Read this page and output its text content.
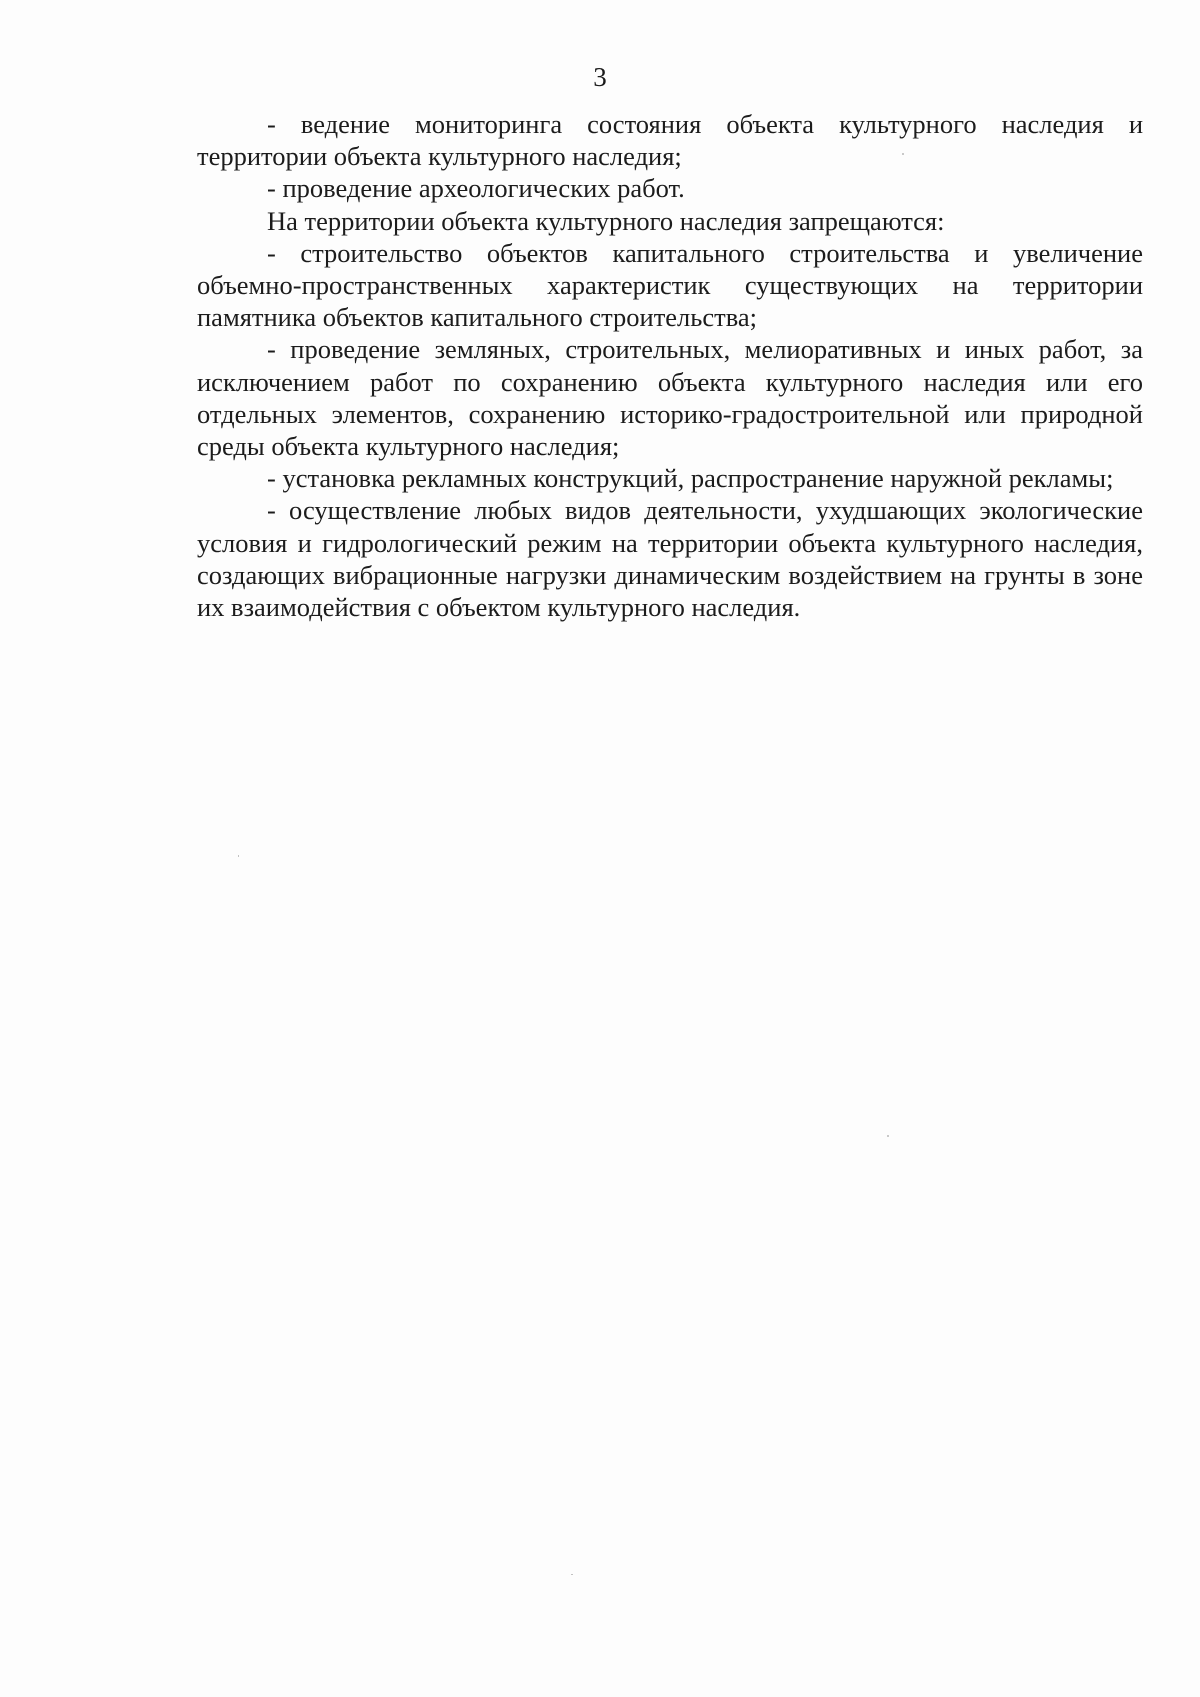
3

- ведение мониторинга состояния объекта культурного наследия и территории объекта культурного наследия;

- проведение археологических работ.

На территории объекта культурного наследия запрещаются:

- строительство объектов капитального строительства и увеличение объемно-пространственных характеристик существующих на территории памятника объектов капитального строительства;

- проведение земляных, строительных, мелиоративных и иных работ, за исключением работ по сохранению объекта культурного наследия или его отдельных элементов, сохранению историко-градостроительной или природной среды объекта культурного наследия;

- установка рекламных конструкций, распространение наружной рекламы;

- осуществление любых видов деятельности, ухудшающих экологические условия и гидрологический режим на территории объекта культурного наследия, создающих вибрационные нагрузки динамическим воздействием на грунты в зоне их взаимодействия с объектом культурного наследия.
